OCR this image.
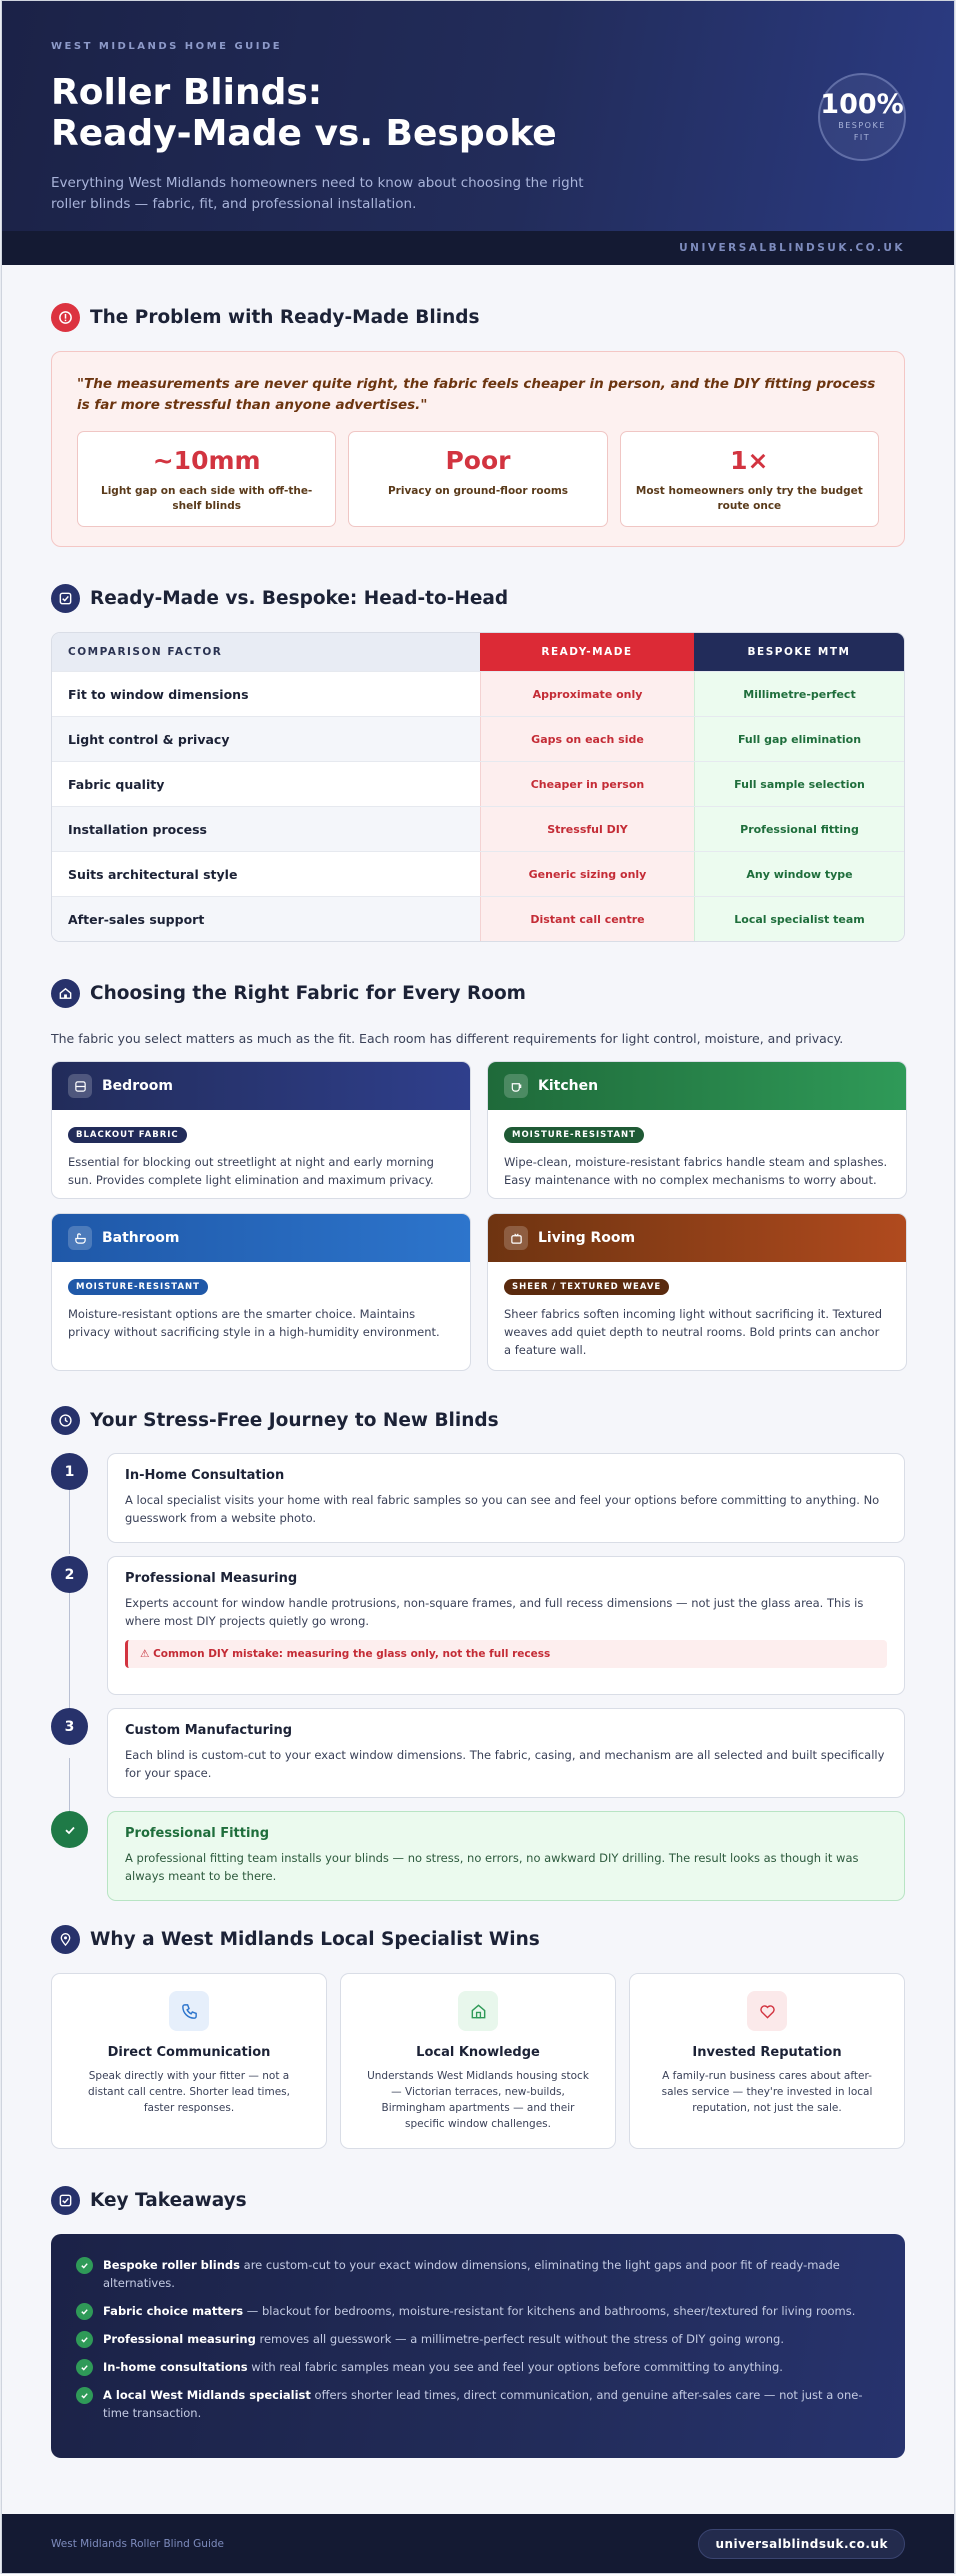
WEST MIDLANDS HOME GUIDE
Roller Blinds:
Ready-Made vs. Bespoke

Everything West Midlands homeowners need to know about choosing the right roller blinds — fabric, fit, and professional installation.

100%
BESPOKE
FIT
UNIVERSALBLINDSUK.CO.UK
The Problem with Ready-Made Blinds

"The measurements are never quite right, the fabric feels cheaper in person, and the DIY fitting process is far more stressful than anyone advertises."

~10mm
Light gap on each side with off-the-shelf blinds
Poor
Privacy on ground-floor rooms
1×
Most homeowners only try the budget route once
Ready-Made vs. Bespoke: Head-to-Head
COMPARISON FACTOR	READY-MADE	BESPOKE MTM
Fit to window dimensions	Approximate only	Millimetre-perfect
Light control & privacy	Gaps on each side	Full gap elimination
Fabric quality	Cheaper in person	Full sample selection
Installation process	Stressful DIY	Professional fitting
Suits architectural style	Generic sizing only	Any window type
After-sales support	Distant call centre	Local specialist team
Choosing the Right Fabric for Every Room

The fabric you select matters as much as the fit. Each room has different requirements for light control, moisture, and privacy.

Bedroom
BLACKOUT FABRIC

Essential for blocking out streetlight at night and early morning sun. Provides complete light elimination and maximum privacy.

Kitchen
MOISTURE-RESISTANT

Wipe-clean, moisture-resistant fabrics handle steam and splashes. Easy maintenance with no complex mechanisms to worry about.

Bathroom
MOISTURE-RESISTANT

Moisture-resistant options are the smarter choice. Maintains privacy without sacrificing style in a high-humidity environment.

Living Room
SHEER / TEXTURED WEAVE

Sheer fabrics soften incoming light without sacrificing it. Textured weaves add quiet depth to neutral rooms. Bold prints can anchor a feature wall.

Your Stress-Free Journey to New Blinds
1	In-Home Consultation

A local specialist visits your home with real fabric samples so you can see and feel your options before committing to anything. No guesswork from a website photo.

2	Professional Measuring

Experts account for window handle protrusions, non-square frames, and full recess dimensions — not just the glass area. This is where most DIY projects quietly go wrong.

⚠ Common DIY mistake: measuring the glass only, not the full recess
3	Custom Manufacturing

Each blind is custom-cut to your exact window dimensions. The fabric, casing, and mechanism are all selected and built specifically for your space.

Professional Fitting

A professional fitting team installs your blinds — no stress, no errors, no awkward DIY drilling. The result looks as though it was always meant to be there.

Why a West Midlands Local Specialist Wins
Direct Communication

Speak directly with your fitter — not a distant call centre. Shorter lead times, faster responses.

Local Knowledge

Understands West Midlands housing stock — Victorian terraces, new-builds, Birmingham apartments — and their specific window challenges.

Invested Reputation

A family-run business cares about after-sales service — they're invested in local reputation, not just the sale.

Key Takeaways

Bespoke roller blinds are custom-cut to your exact window dimensions, eliminating the light gaps and poor fit of ready-made alternatives.

Fabric choice matters — blackout for bedrooms, moisture-resistant for kitchens and bathrooms, sheer/textured for living rooms.

Professional measuring removes all guesswork — a millimetre-perfect result without the stress of DIY going wrong.

In-home consultations with real fabric samples mean you see and feel your options before committing to anything.

A local West Midlands specialist offers shorter lead times, direct communication, and genuine after-sales care — not just a one-time transaction.

West Midlands Roller Blind Guide	universalblindsuk.co.uk
